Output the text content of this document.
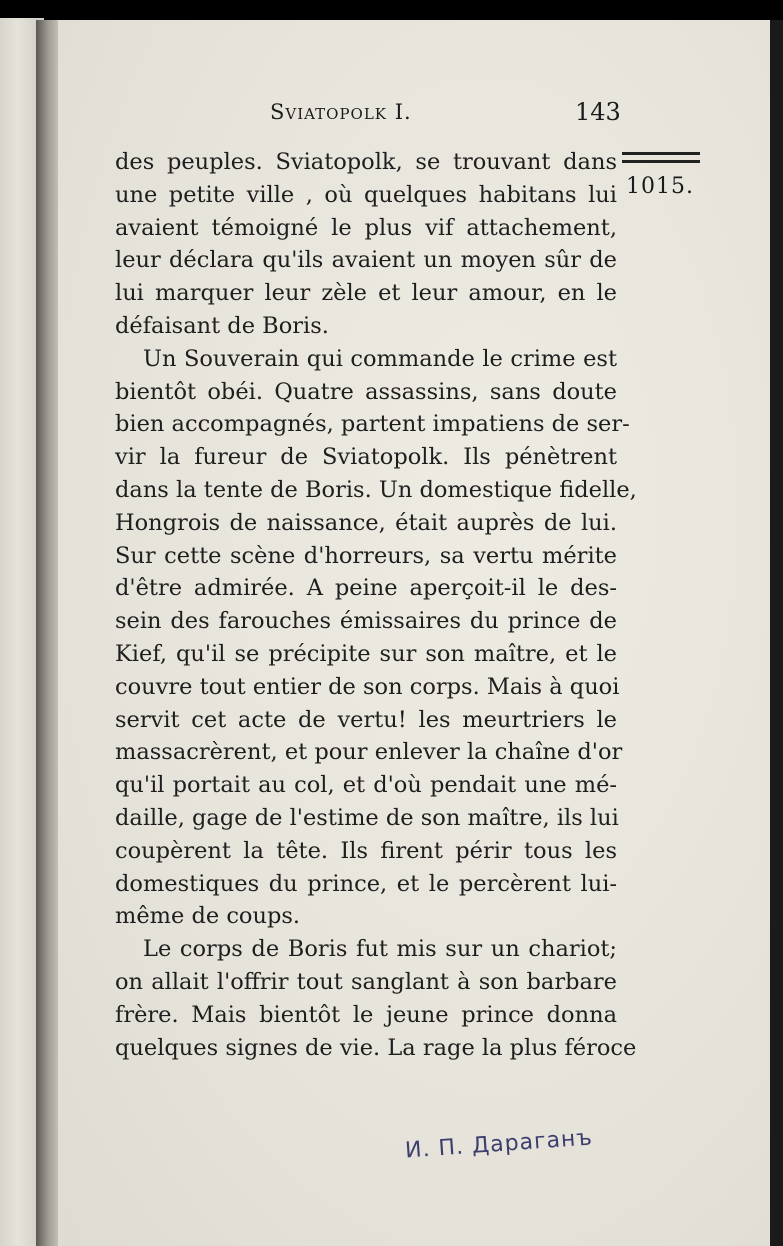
Sviatopolk I.	143
1015.
des peuples. Sviatopolk, se trouvant dans
une petite ville , où quelques habitans lui
avaient témoigné le plus vif attachement,
leur déclara qu'ils avaient un moyen sûr de
lui marquer leur zèle et leur amour, en le
défaisant de Boris.
Un Souverain qui commande le crime est
bientôt obéi. Quatre assassins, sans doute
bien accompagnés, partent impatiens de ser-
vir la fureur de Sviatopolk. Ils pénètrent
dans la tente de Boris. Un domestique fidelle,
Hongrois de naissance, était auprès de lui.
Sur cette scène d'horreurs, sa vertu mérite
d'être admirée. A peine aperçoit-il le des-
sein des farouches émissaires du prince de
Kief, qu'il se précipite sur son maître, et le
couvre tout entier de son corps. Mais à quoi
servit cet acte de vertu! les meurtriers le
massacrèrent, et pour enlever la chaîne d'or
qu'il portait au col, et d'où pendait une mé-
daille, gage de l'estime de son maître, ils lui
coupèrent la tête. Ils firent périr tous les
domestiques du prince, et le percèrent lui-
même de coups.
Le corps de Boris fut mis sur un chariot;
on allait l'offrir tout sanglant à son barbare
frère. Mais bientôt le jeune prince donna
quelques signes de vie. La rage la plus féroce
И. П. Дараганъ
